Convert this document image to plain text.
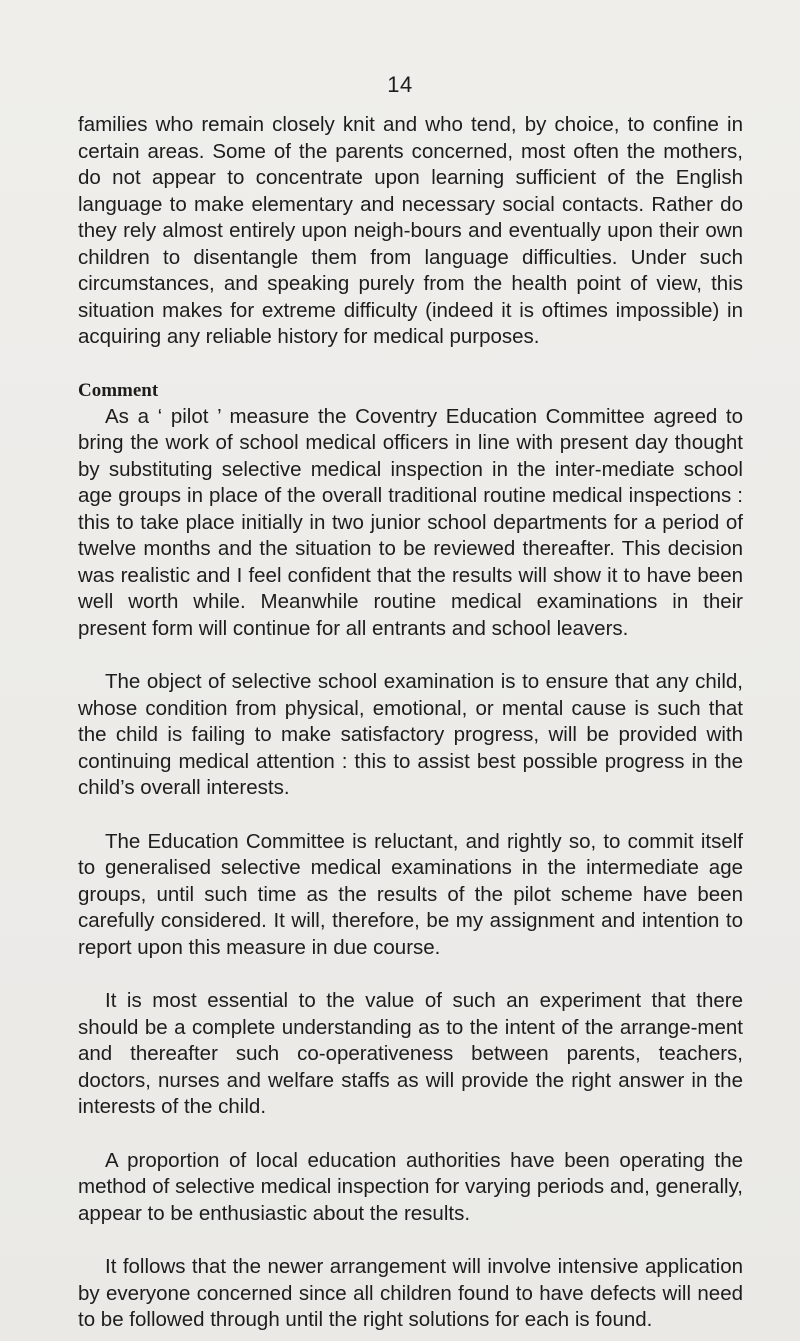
14

families who remain closely knit and who tend, by choice, to confine in certain areas. Some of the parents concerned, most often the mothers, do not appear to concentrate upon learning sufficient of the English language to make elementary and necessary social contacts. Rather do they rely almost entirely upon neigh-bours and eventually upon their own children to disentangle them from language difficulties. Under such circumstances, and speaking purely from the health point of view, this situation makes for extreme difficulty (indeed it is oftimes impossible) in acquiring any reliable history for medical purposes.

Comment

As a ‘ pilot ’ measure the Coventry Education Committee agreed to bring the work of school medical officers in line with present day thought by substituting selective medical inspection in the inter-mediate school age groups in place of the overall traditional routine medical inspections : this to take place initially in two junior school departments for a period of twelve months and the situation to be reviewed thereafter. This decision was realistic and I feel confident that the results will show it to have been well worth while. Meanwhile routine medical examinations in their present form will continue for all entrants and school leavers.

The object of selective school examination is to ensure that any child, whose condition from physical, emotional, or mental cause is such that the child is failing to make satisfactory progress, will be provided with continuing medical attention : this to assist best possible progress in the child’s overall interests.

The Education Committee is reluctant, and rightly so, to commit itself to generalised selective medical examinations in the intermediate age groups, until such time as the results of the pilot scheme have been carefully considered. It will, therefore, be my assignment and intention to report upon this measure in due course.

It is most essential to the value of such an experiment that there should be a complete understanding as to the intent of the arrange-ment and thereafter such co-operativeness between parents, teachers, doctors, nurses and welfare staffs as will provide the right answer in the interests of the child.

A proportion of local education authorities have been operating the method of selective medical inspection for varying periods and, generally, appear to be enthusiastic about the results.

It follows that the newer arrangement will involve intensive application by everyone concerned since all children found to have defects will need to be followed through until the right solutions for each is found.
